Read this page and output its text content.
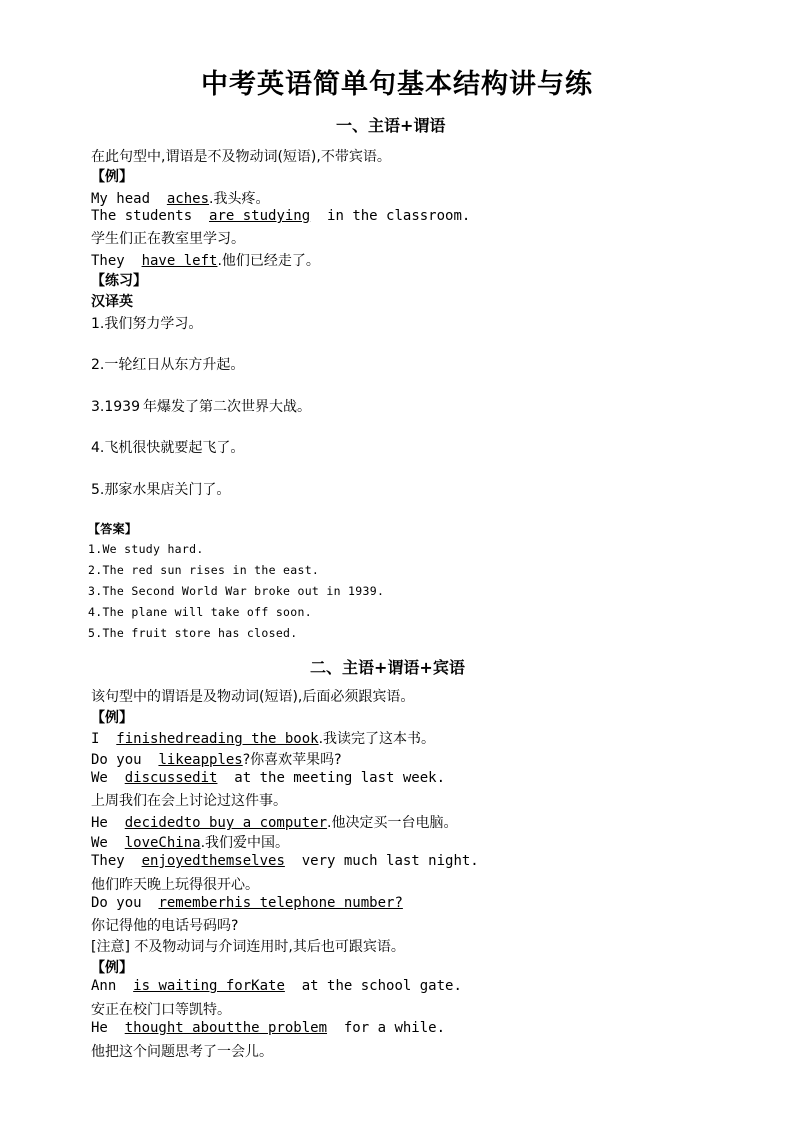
中考英语简单句基本结构讲与练
一、主语+谓语
在此句型中,谓语是不及物动词(短语),不带宾语。
【例】
My head  aches.我头疼。
The students  are studying  in the classroom.
学生们正在教室里学习。
They  have left.他们已经走了。
【练习】
汉译英
1.我们努力学习。
2.一轮红日从东方升起。
3.1939 年爆发了第二次世界大战。
4.飞机很快就要起飞了。
5.那家水果店关门了。
【答案】
1.We study hard.
2.The red sun rises in the east.
3.The Second World War broke out in 1939.
4.The plane will take off soon.
5.The fruit store has closed.
二、主语+谓语+宾语
该句型中的谓语是及物动词(短语),后面必须跟宾语。
【例】
I  finishedreading the book.我读完了这本书。
Do you  likeapples?你喜欢苹果吗?
We  discussedit  at the meeting last week.
上周我们在会上讨论过这件事。
He  decidedto buy a computer.他决定买一台电脑。
We  loveChina.我们爱中国。
They  enjoyedthemselves  very much last night.
他们昨天晚上玩得很开心。
Do you  rememberhis telephone number?
你记得他的电话号码吗?
[注意] 不及物动词与介词连用时,其后也可跟宾语。
【例】
Ann  is waiting forKate  at the school gate.
安正在校门口等凯特。
He  thought aboutthe problem  for a while.
他把这个问题思考了一会儿。
